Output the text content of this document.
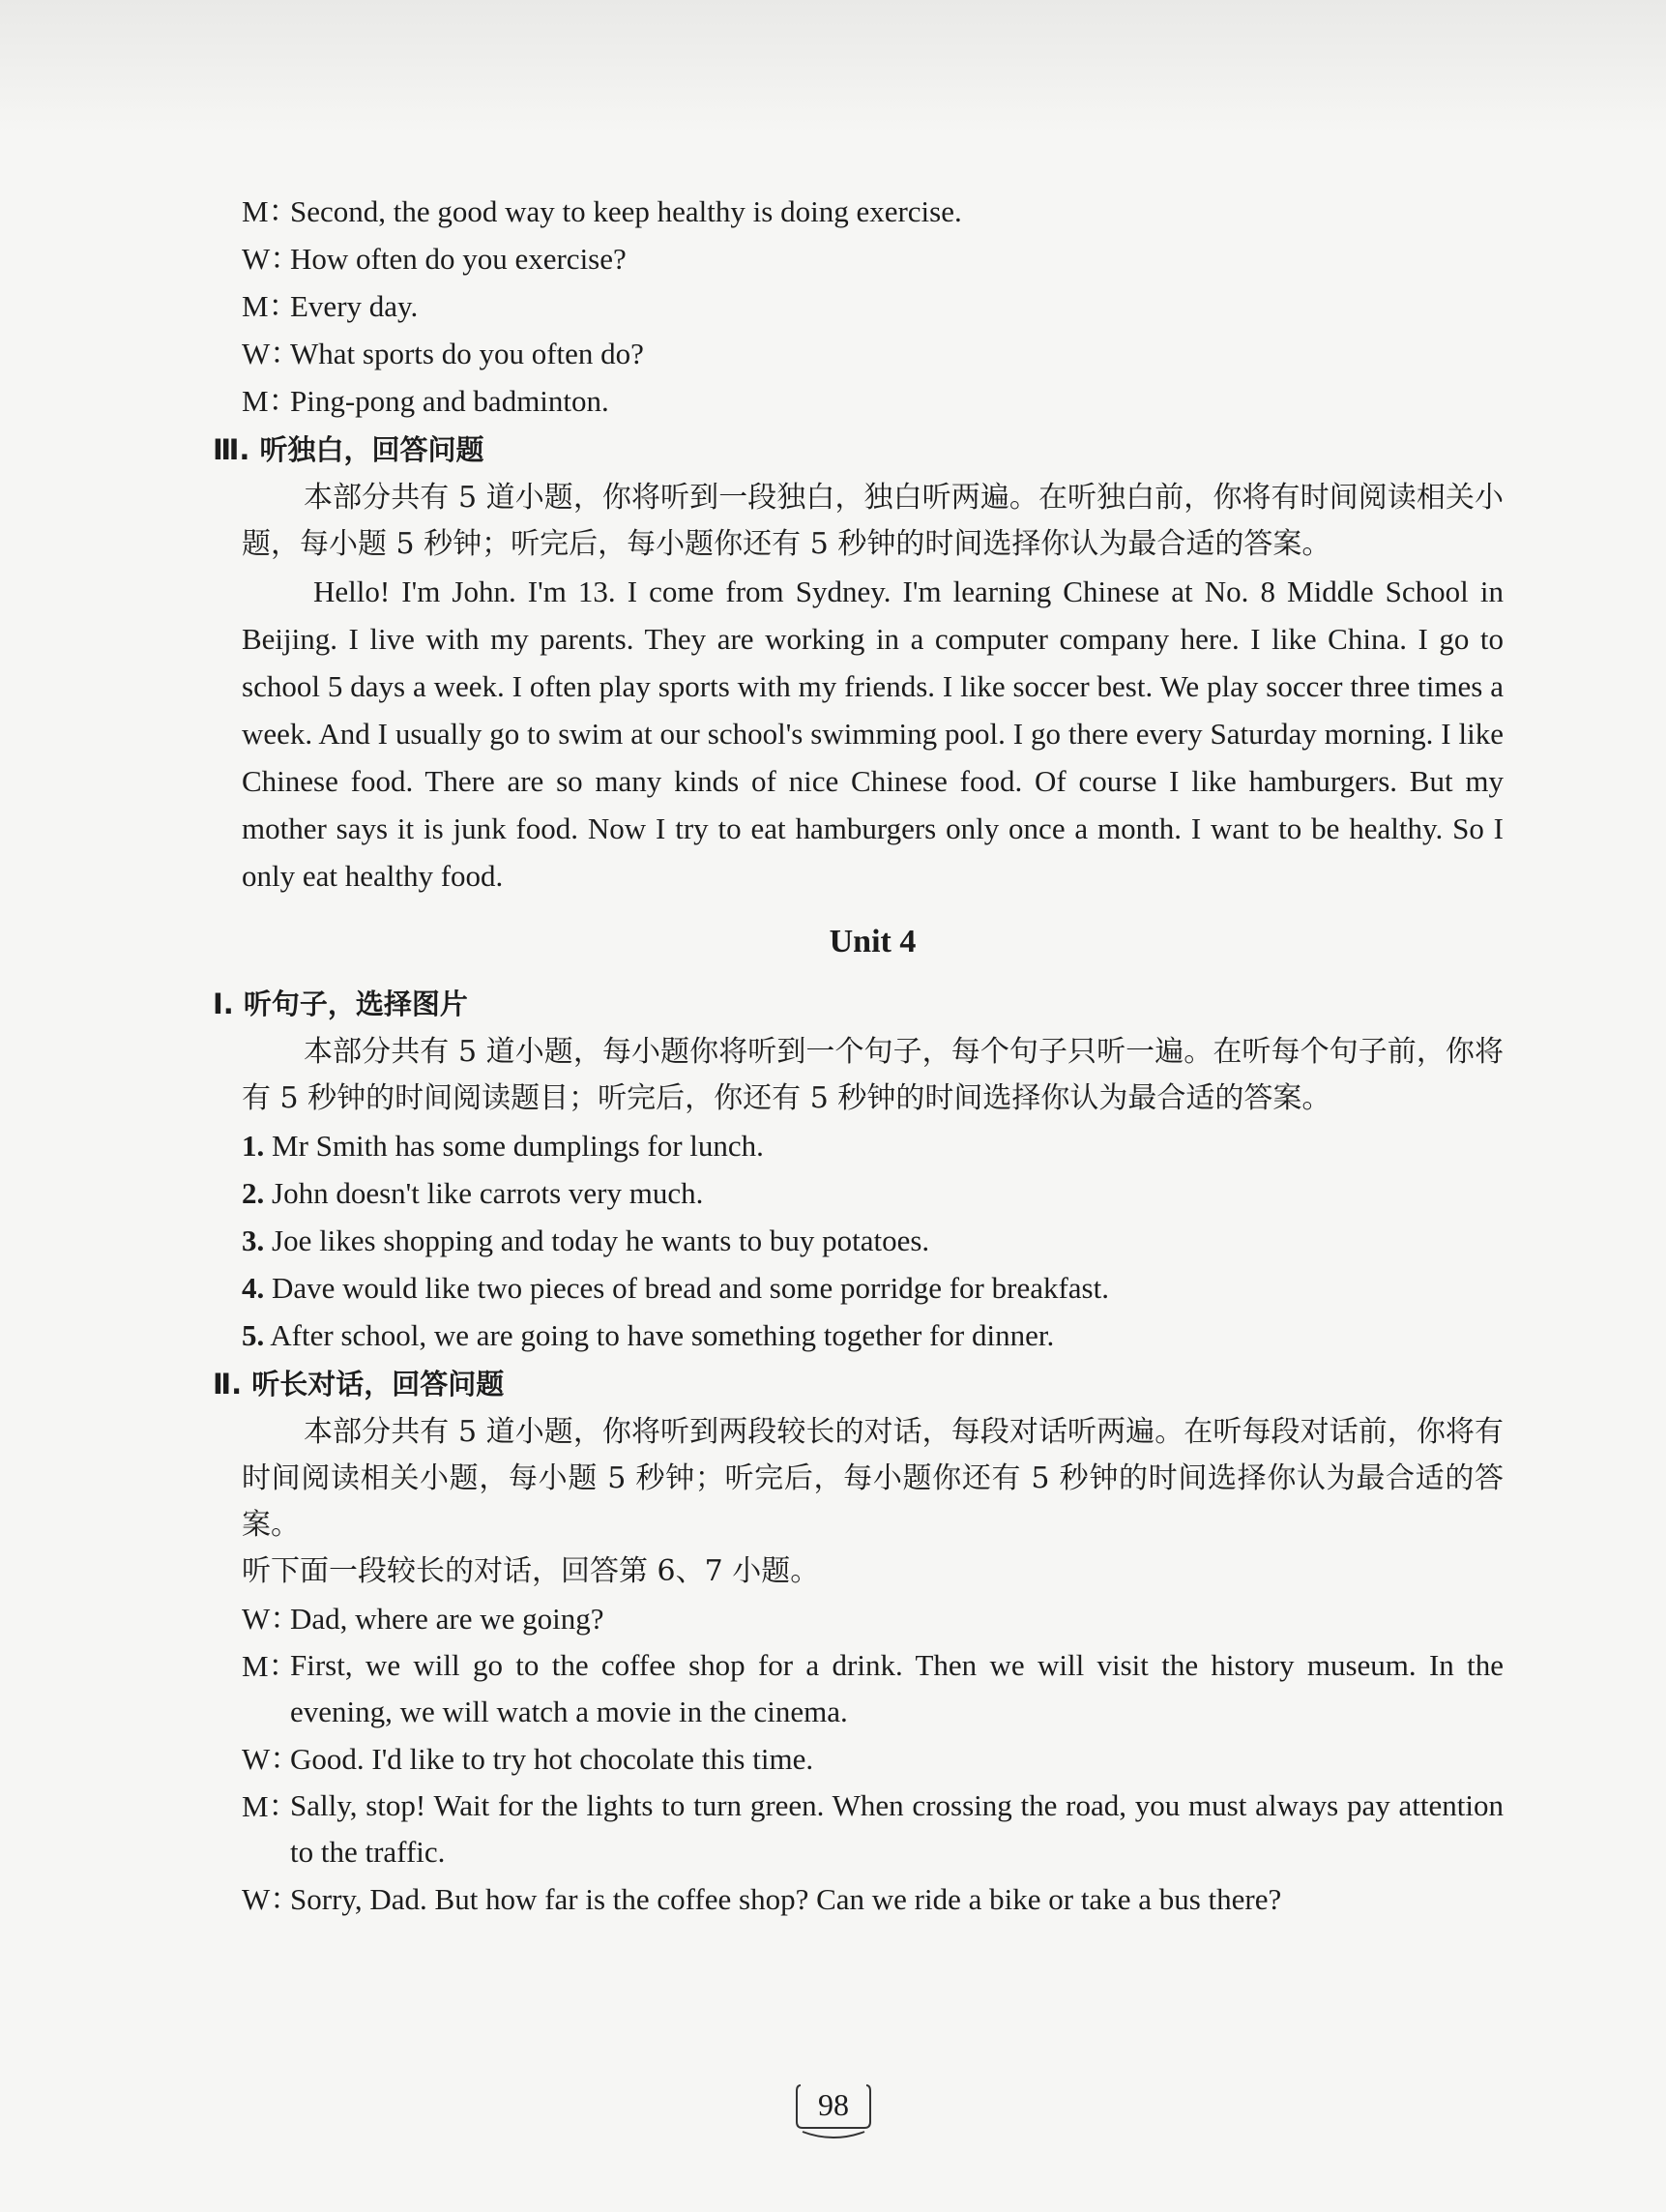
M：
Second, the good way to keep healthy is doing exercise.
W：
How often do you exercise?
M：
Every day.
W：
What sports do you often do?
M：
Ping-pong and badminton.
Ⅲ. 听独白，回答问题
本部分共有 5 道小题，你将听到一段独白，独白听两遍。在听独白前，你将有时间阅读相关小题，每小题 5 秒钟；听完后，每小题你还有 5 秒钟的时间选择你认为最合适的答案。
Hello! I'm John. I'm 13. I come from Sydney. I'm learning Chinese at No. 8 Middle School in Beijing. I live with my parents. They are working in a computer company here. I like China. I go to school 5 days a week. I often play sports with my friends. I like soccer best. We play soccer three times a week. And I usually go to swim at our school's swimming pool. I go there every Saturday morning. I like Chinese food. There are so many kinds of nice Chinese food. Of course I like hamburgers. But my mother says it is junk food. Now I try to eat hamburgers only once a month. I want to be healthy. So I only eat healthy food.
Unit 4
Ⅰ. 听句子，选择图片
本部分共有 5 道小题，每小题你将听到一个句子，每个句子只听一遍。在听每个句子前，你将有 5 秒钟的时间阅读题目；听完后，你还有 5 秒钟的时间选择你认为最合适的答案。
1. Mr Smith has some dumplings for lunch.
2. John doesn't like carrots very much.
3. Joe likes shopping and today he wants to buy potatoes.
4. Dave would like two pieces of bread and some porridge for breakfast.
5. After school, we are going to have something together for dinner.
Ⅱ. 听长对话，回答问题
本部分共有 5 道小题，你将听到两段较长的对话，每段对话听两遍。在听每段对话前，你将有时间阅读相关小题，每小题 5 秒钟；听完后，每小题你还有 5 秒钟的时间选择你认为最合适的答案。
听下面一段较长的对话，回答第 6、7 小题。
W：
Dad, where are we going?
M：
First, we will go to the coffee shop for a drink. Then we will visit the history museum. In the evening, we will watch a movie in the cinema.
W：
Good. I'd like to try hot chocolate this time.
M：
Sally, stop! Wait for the lights to turn green. When crossing the road, you must always pay attention to the traffic.
W：
Sorry, Dad. But how far is the coffee shop? Can we ride a bike or take a bus there?
98
